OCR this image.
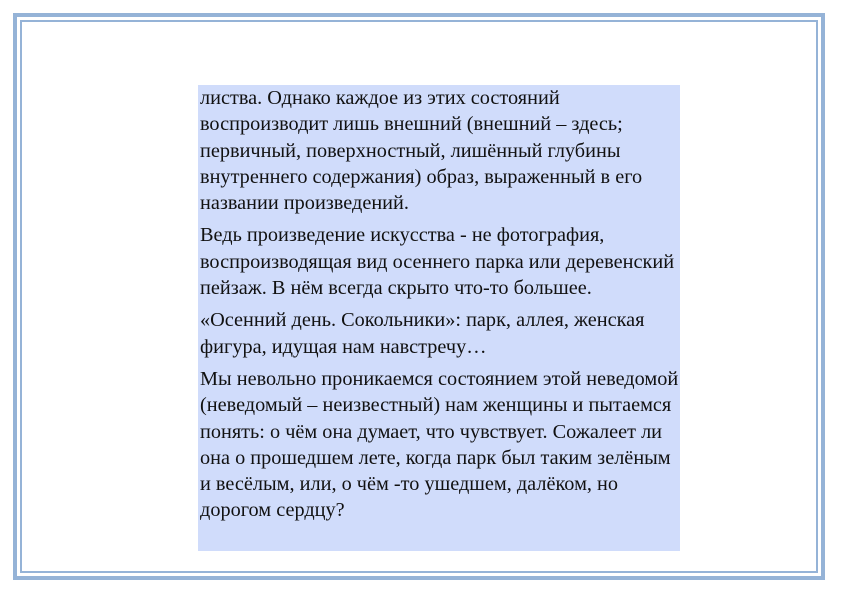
листва. Однако каждое из этих состояний воспроизводит лишь внешний (внешний – здесь; первичный, поверхностный, лишённый глубины внутреннего содержания) образ, выраженный в его названии произведений.

Ведь произведение искусства - не фотография, воспроизводящая вид осеннего парка или деревенский пейзаж. В нём всегда скрыто что-то большее.

«Осенний день. Сокольники»: парк, аллея, женская фигура, идущая нам навстречу…

Мы невольно проникаемся состоянием этой неведомой (неведомый – неизвестный) нам женщины и пытаемся понять: о чём она думает, что чувствует. Сожалеет ли она о прошедшем лете, когда парк был таким зелёным и весёлым, или, о чём -то ушедшем, далёком, но дорогом сердцу?
